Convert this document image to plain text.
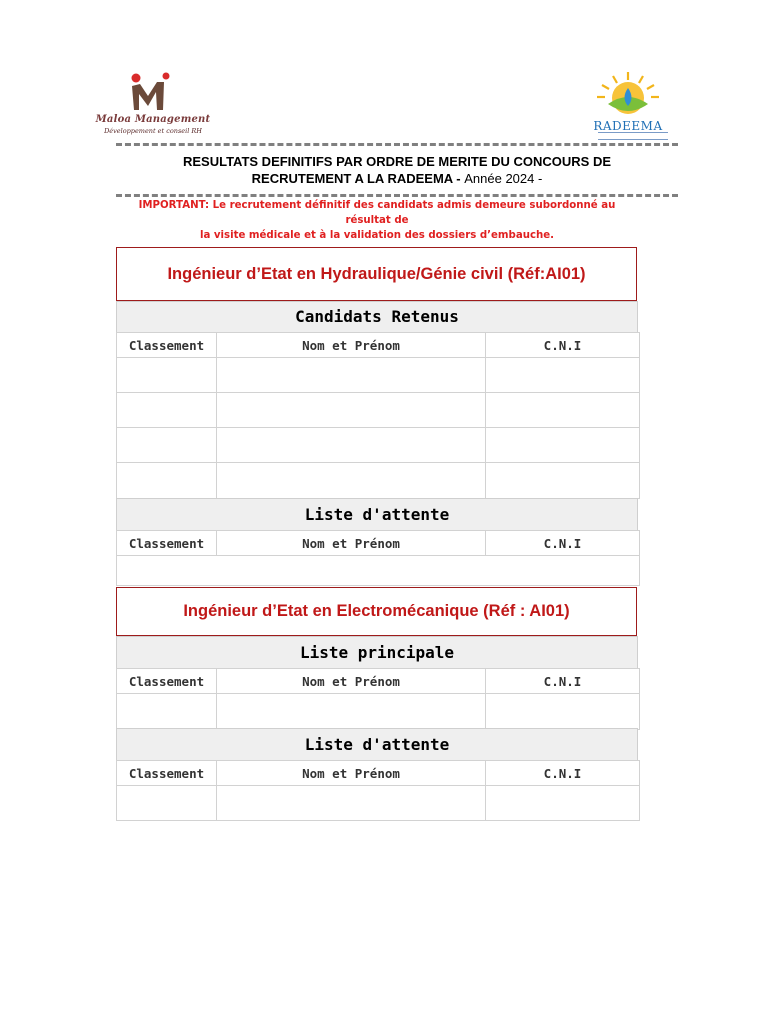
Maloa Management
Développement et conseil RH	RADEEMA
RESULTATS DEFINITIFS PAR ORDRE DE MERITE DU CONCOURS DE
RECRUTEMENT A LA RADEEMA - Année 2024 -
IMPORTANT: Le recrutement définitif des candidats admis demeure subordonné au résultat de
la visite médicale et à la validation des dossiers d’embauche.
Ingénieur d’Etat en Hydraulique/Génie civil (Réf:AI01)
Candidats Retenus
Classement	Nom et Prénom	C.N.I

Liste d'attente
Classement	Nom et Prénom	C.N.I

Ingénieur d’Etat en Electromécanique (Réf : AI01)
Liste principale
Classement	Nom et Prénom	C.N.I

Liste d'attente
Classement	Nom et Prénom	C.N.I
